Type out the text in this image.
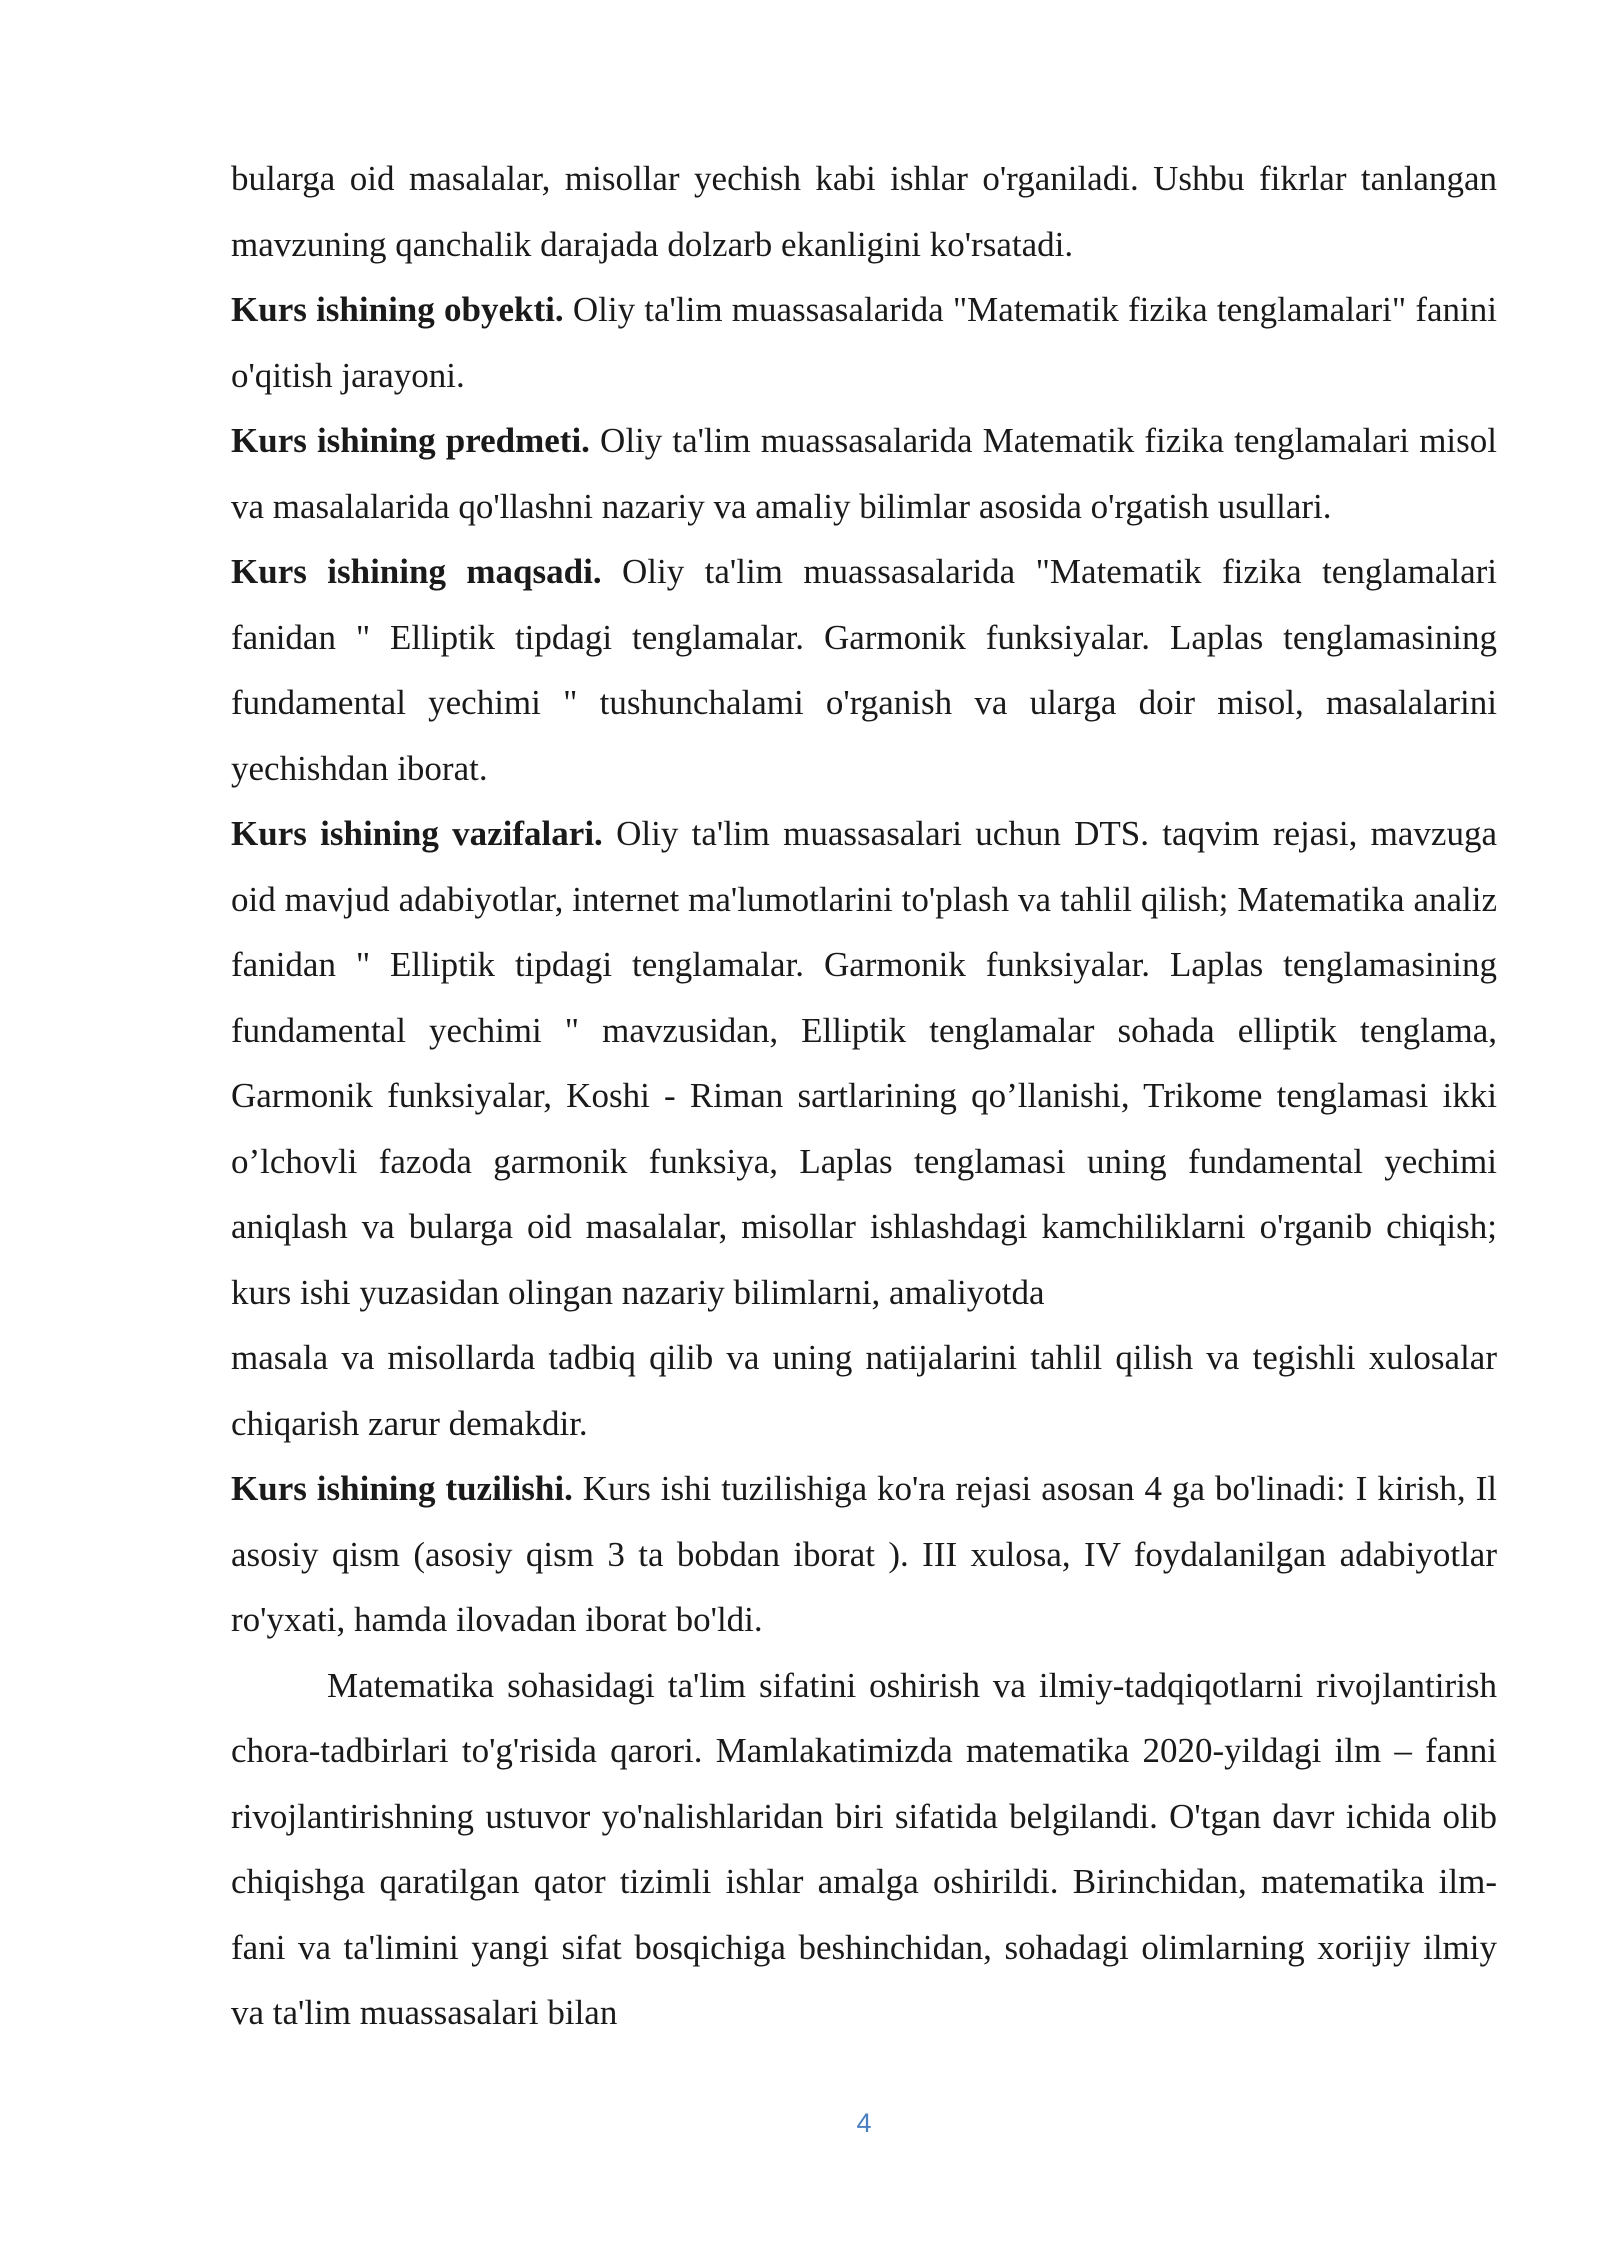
bularga oid masalalar, misollar yechish kabi ishlar o'rganiladi. Ushbu fikrlar tanlangan mavzuning qanchalik darajada dolzarb ekanligini ko'rsatadi.

Kurs ishining obyekti. Oliy ta'lim muassasalarida "Matematik fizika tenglamalari" fanini o'qitish jarayoni.

Kurs ishining predmeti. Oliy ta'lim muassasalarida Matematik fizika tenglamalari misol va masalalarida qo'llashni nazariy va amaliy bilimlar asosida o'rgatish usullari.

Kurs ishining maqsadi. Oliy ta'lim muassasalarida "Matematik fizika tenglamalari fanidan " Elliptik tipdagi tenglamalar. Garmonik funksiyalar. Laplas tenglamasining fundamental yechimi " tushunchalami o'rganish va ularga doir misol, masalalarini yechishdan iborat.

Kurs ishining vazifalari. Oliy ta'lim muassasalari uchun DTS. taqvim rejasi, mavzuga oid mavjud adabiyotlar, internet ma'lumotlarini to'plash va tahlil qilish; Matematika analiz fanidan " Elliptik tipdagi tenglamalar. Garmonik funksiyalar. Laplas tenglamasining fundamental yechimi " mavzusidan, Elliptik tenglamalar sohada elliptik tenglama, Garmonik funksiyalar, Koshi - Riman sartlarining qo’llanishi, Trikome tenglamasi ikki o’lchovli fazoda garmonik funksiya, Laplas tenglamasi uning fundamental yechimi aniqlash va bularga oid masalalar, misollar ishlashdagi kamchiliklarni o'rganib chiqish; kurs ishi yuzasidan olingan nazariy bilimlarni, amaliyotda

masala va misollarda tadbiq qilib va uning natijalarini tahlil qilish va tegishli xulosalar chiqarish zarur demakdir.

Kurs ishining tuzilishi. Kurs ishi tuzilishiga ko'ra rejasi asosan 4 ga bo'linadi: I kirish, Il asosiy qism (asosiy qism 3 ta bobdan iborat ). III xulosa, IV foydalanilgan adabiyotlar ro'yxati, hamda ilovadan iborat bo'ldi.

Matematika sohasidagi ta'lim sifatini oshirish va ilmiy-tadqiqotlarni rivojlantirish chora-tadbirlari to'g'risida qarori. Mamlakatimizda matematika 2020-yildagi ilm – fanni rivojlantirishning ustuvor yo'nalishlaridan biri sifatida belgilandi. O'tgan davr ichida olib chiqishga qaratilgan qator tizimli ishlar amalga oshirildi. Birinchidan, matematika ilm-fani va ta'limini yangi sifat bosqichiga beshinchidan, sohadagi olimlarning xorijiy ilmiy va ta'lim muassasalari bilan

4
